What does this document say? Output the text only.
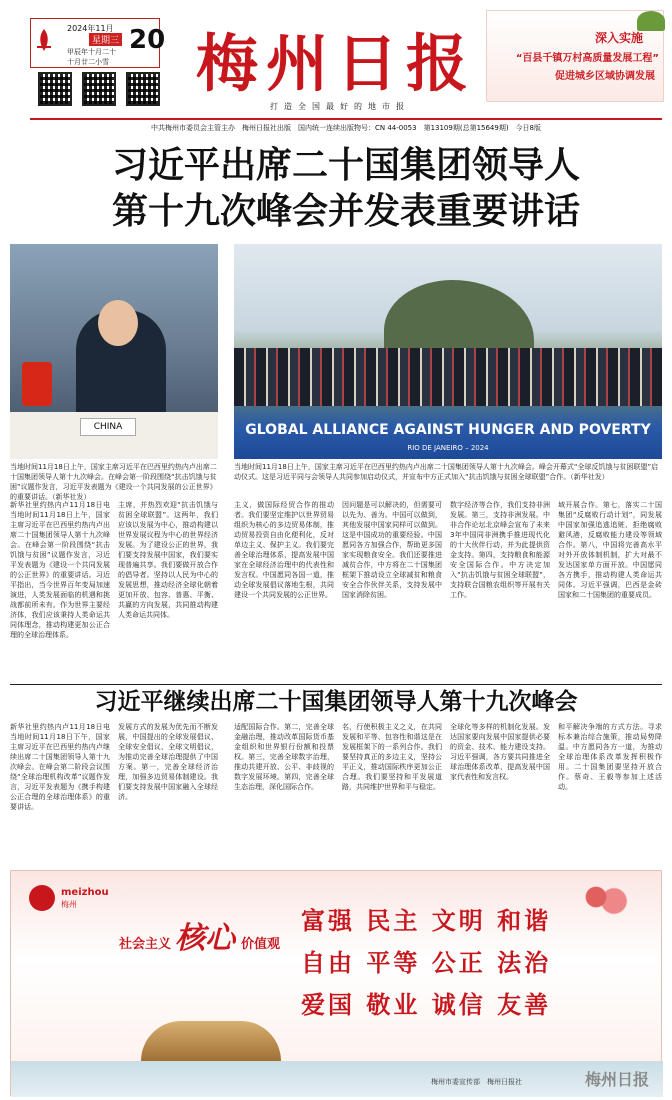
2024年11月
星期三
甲辰年十月二十
十月廿二小雪
20 梅州日报
打造全国最好的地市报
深入实施
“百县千镇万村高质量发展工程”
促进城乡区域协调发展
中共梅州市委员会主管主办　梅州日报社出版　国内统一连续出版物号：CN 44-0053　第13109期(总第15649期)　今日8版
习近平出席二十国集团领导人
第十九次峰会并发表重要讲话
CHINA	GLOBAL ALLIANCE AGAINST HUNGER AND POVERTY
RIO DE JANEIRO – 2024
当地时间11月18日上午，国家主席习近平在巴西里约热内卢出席二十国集团领导人第十九次峰会。在峰会第一阶段围绕“抗击饥饿与贫困”议题作发言，习近平发表题为《建设一个共同发展的公正世界》的重要讲话。（新华社发）
当地时间11月18日上午，国家主席习近平在巴西里约热内卢出席二十国集团领导人第十九次峰会。峰会开幕式“全球反饥饿与贫困联盟”启动仪式。这是习近平同与会领导人共同参加启动仪式，并宣布中方正式加入“抗击饥饿与贫困全球联盟”合作。（新华社发）
新华社里约热内卢11月18日电　当地时间11月18日上午，国家主席习近平在巴西里约热内卢出席二十国集团领导人第十九次峰会。在峰会第一阶段围绕“抗击饥饿与贫困”议题作发言，习近平发表题为《建设一个共同发展的公正世界》的重要讲话。习近平指出，当今世界百年变局加速演进，人类发展面临的机遇和挑战都前所未有。作为世界主要经济体，我们应该秉持人类命运共同体理念，推动构建更加公正合理的全球治理体系。
主席，并热烈欢迎“抗击饥饿与贫困全球联盟”。这两年，我们应该以发展为中心，推动构建以世界发展议程为中心的世界经济发展。为了建设公正的世界，我们要支持发展中国家，我们要实现普遍共享。我们要做开放合作的倡导者。坚持以人民为中心的发展思想，推动经济全球化朝着更加开放、包容、普惠、平衡、共赢的方向发展，共同推动构建人类命运共同体。
主义，做国际经贸合作的推动者。我们要坚定维护以世界贸易组织为核心的多边贸易体制，推动贸易投资自由化便利化，反对单边主义、保护主义。我们要完善全球治理体系，提高发展中国家在全球经济治理中的代表性和发言权。中国愿同各国一道，推动全球发展倡议落地生根，共同建设一个共同发展的公正世界。
因问题是可以解决的，但需要可以先为、善为。中国可以做到，其他发展中国家同样可以做到。这是中国成功的重要经验。中国愿同各方加强合作，帮助更多国家实现粮食安全。我们还要推进减贫合作，中方将在二十国集团框架下推动设立全球减贫和粮食安全合作伙伴关系，支持发展中国家消除贫困。
数字经济等合作，我们支持非洲发展。第三，支持非洲发展。中非合作论坛北京峰会宣布了未来3年中国同非洲携手推进现代化的十大伙伴行动，并为此提供资金支持。第四，支持粮食和能源安全国际合作。中方决定加入“抗击饥饿与贫困全球联盟”，支持联合国粮农组织等开展有关工作。
域开展合作。第七，落实二十国集团“反腐败行动计划”，同发展中国家加强追逃追赃、拒绝腐败避风港，反腐败能力建设等领域合作。第八，中国将完善高水平对外开放体制机制，扩大对最不发达国家单方面开放。中国愿同各方携手，推动构建人类命运共同体。习近平强调，巴西是金砖国家和二十国集团的重要成员。
习近平继续出席二十国集团领导人第十九次峰会
新华社里约热内卢11月18日电　当地时间11月18日下午，国家主席习近平在巴西里约热内卢继续出席二十国集团领导人第十九次峰会。在峰会第二阶段会议围绕“全球治理机构改革”议题作发言，习近平发表题为《携手构建公正合理的全球治理体系》的重要讲话。
发展方式的发展为优先而不断发展，中国提出的全球发展倡议、全球安全倡议、全球文明倡议，为推动完善全球治理提供了中国方案。第一，完善全球经济治理，加强多边贸易体制建设。我们要支持发展中国家融入全球经济。
适配国际合作。第二，完善全球金融治理，推动改革国际货币基金组织和世界银行份额和投票权。第三，完善全球数字治理，推动共建开放、公平、非歧视的数字发展环境。第四，完善全球生态治理，深化国际合作。
名，行使积极主义之义，在共同发展和平等、包容性和谐这是在发展框架下的一系列合作。我们要坚持真正的多边主义，坚持公平正义，推动国际秩序更加公正合理。我们要坚持和平发展道路，共同维护世界和平与稳定。
全球化等多样的机制化发展。发达国家要向发展中国家提供必要的资金、技术、能力建设支持。习近平强调，各方要共同推进全球治理体系改革，提高发展中国家代表性和发言权。
和平解决争端的方式方法。寻求标本兼治综合施策，推动局势降温。中方愿同各方一道，为推动全球治理体系改革发挥积极作用。二十国集团要坚持开放合作。蔡奇、王毅等参加上述活动。
meizhou
梅州
社会主义 核心 价值观
富强 民主 文明 和谐
自由 平等 公正 法治
爱国 敬业 诚信 友善
梅州市委宣传部　梅州日报社	梅州日报
